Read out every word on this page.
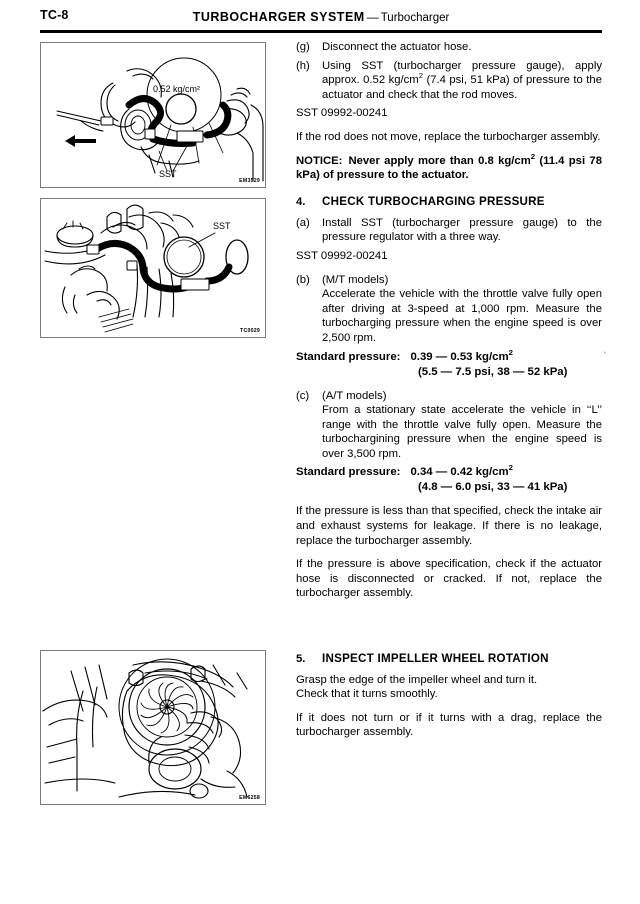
TC-8	TURBOCHARGER SYSTEM — Turbocharger
0.52 kg/cm²
SST
EM3529
SST
TC0029
EM6258
‘
(g)	Disconnect the actuator hose.
(h)	Using SST (turbocharger pressure gauge), apply approx. 0.52 $kg/cm^2$ (7.4 psi, 51 kPa) of pressure to the actuator and check that the rod moves.
SST 09992-00241
If the rod does not move, replace the turbocharger assembly.
NOTICE: Never apply more than 0.8 $kg/cm^2$ (11.4 psi 78 kPa) of pressure to the actuator.
4.	CHECK TURBOCHARGING PRESSURE
(a)	Install SST (turbocharger pressure gauge) to the pressure regulator with a three way.
SST 09992-00241
(b)	(M/T models)
Accelerate the vehicle with the throttle valve fully open after driving at 3-speed at 1,000 rpm. Measure the turbocharging pressure when the engine speed is over 2,500 rpm.
Standard pressure: 0.39 — 0.53 $kg/cm^2$
(5.5 — 7.5 psi, 38 — 52 kPa)
(c)	(A/T models)
From a stationary state accelerate the vehicle in ‘‘L’’ range with the throttle valve fully open. Measure the turbochargining pressure when the engine speed is over 3,500 rpm.
Standard pressure: 0.34 — 0.42 $kg/cm^2$
(4.8 — 6.0 psi, 33 — 41 kPa)
If the pressure is less than that specified, check the intake air and exhaust systems for leakage. If there is no leakage, replace the turbocharger assembly.
If the pressure is above specification, check if the actuator hose is disconnected or cracked. If not, replace the turbocharger assembly.
5.	INSPECT IMPELLER WHEEL ROTATION
Grasp the edge of the impeller wheel and turn it.
Check that it turns smoothly.
If it does not turn or if it turns with a drag, replace the turbocharger assembly.
